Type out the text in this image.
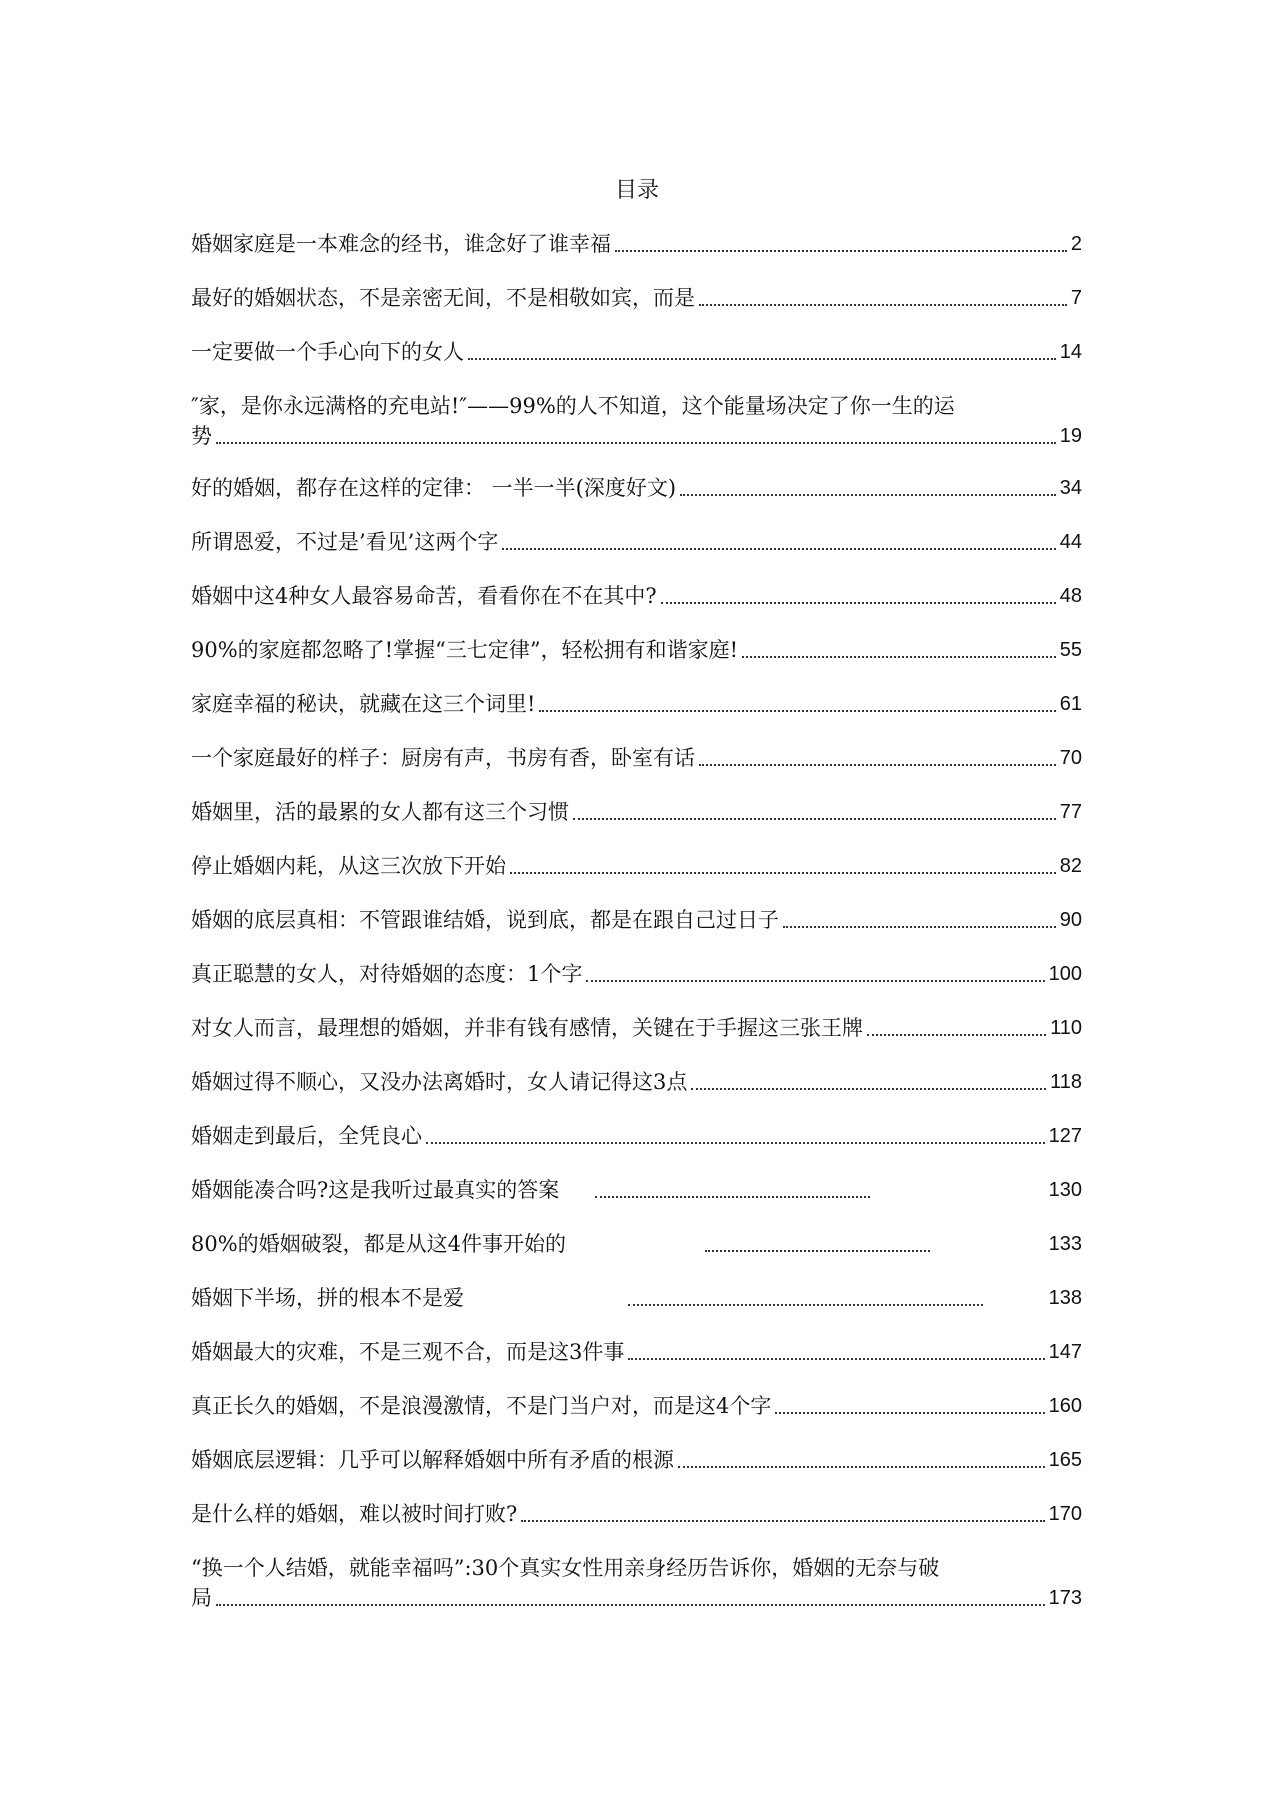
目录
婚姻家庭是一本难念的经书，谁念好了谁幸福	2
最好的婚姻状态，不是亲密无间，不是相敬如宾，而是	7
一定要做一个手心向下的女人	14
″家，是你永远满格的充电站!″——99%的人不知道，这个能量场决定了你一生的运
势	19
好的婚姻，都存在这样的定律： 一半一半(深度好文)	34
所谓恩爱，不过是’看见’这两个字	44
婚姻中这4种女人最容易命苦，看看你在不在其中?	48
90%的家庭都忽略了!掌握“三七定律”，轻松拥有和谐家庭!	55
家庭幸福的秘诀，就藏在这三个词里!	61
一个家庭最好的样子：厨房有声，书房有香，卧室有话	70
婚姻里，活的最累的女人都有这三个习惯	77
停止婚姻内耗，从这三次放下开始	82
婚姻的底层真相：不管跟谁结婚，说到底，都是在跟自己过日子	90
真正聪慧的女人，对待婚姻的态度：1个字	100
对女人而言，最理想的婚姻，并非有钱有感情，关键在于手握这三张王牌	110
婚姻过得不顺心，又没办法离婚时，女人请记得这3点	118
婚姻走到最后，全凭良心	127
婚姻能凑合吗?这是我听过最真实的答案	130
80%的婚姻破裂，都是从这4件事开始的	133
婚姻下半场，拼的根本不是爱	138
婚姻最大的灾难，不是三观不合，而是这3件事	147
真正长久的婚姻，不是浪漫激情，不是门当户对，而是这4个字	160
婚姻底层逻辑：几乎可以解释婚姻中所有矛盾的根源	165
是什么样的婚姻，难以被时间打败?	170
“换一个人结婚，就能幸福吗”:30个真实女性用亲身经历告诉你，婚姻的无奈与破
局	173
